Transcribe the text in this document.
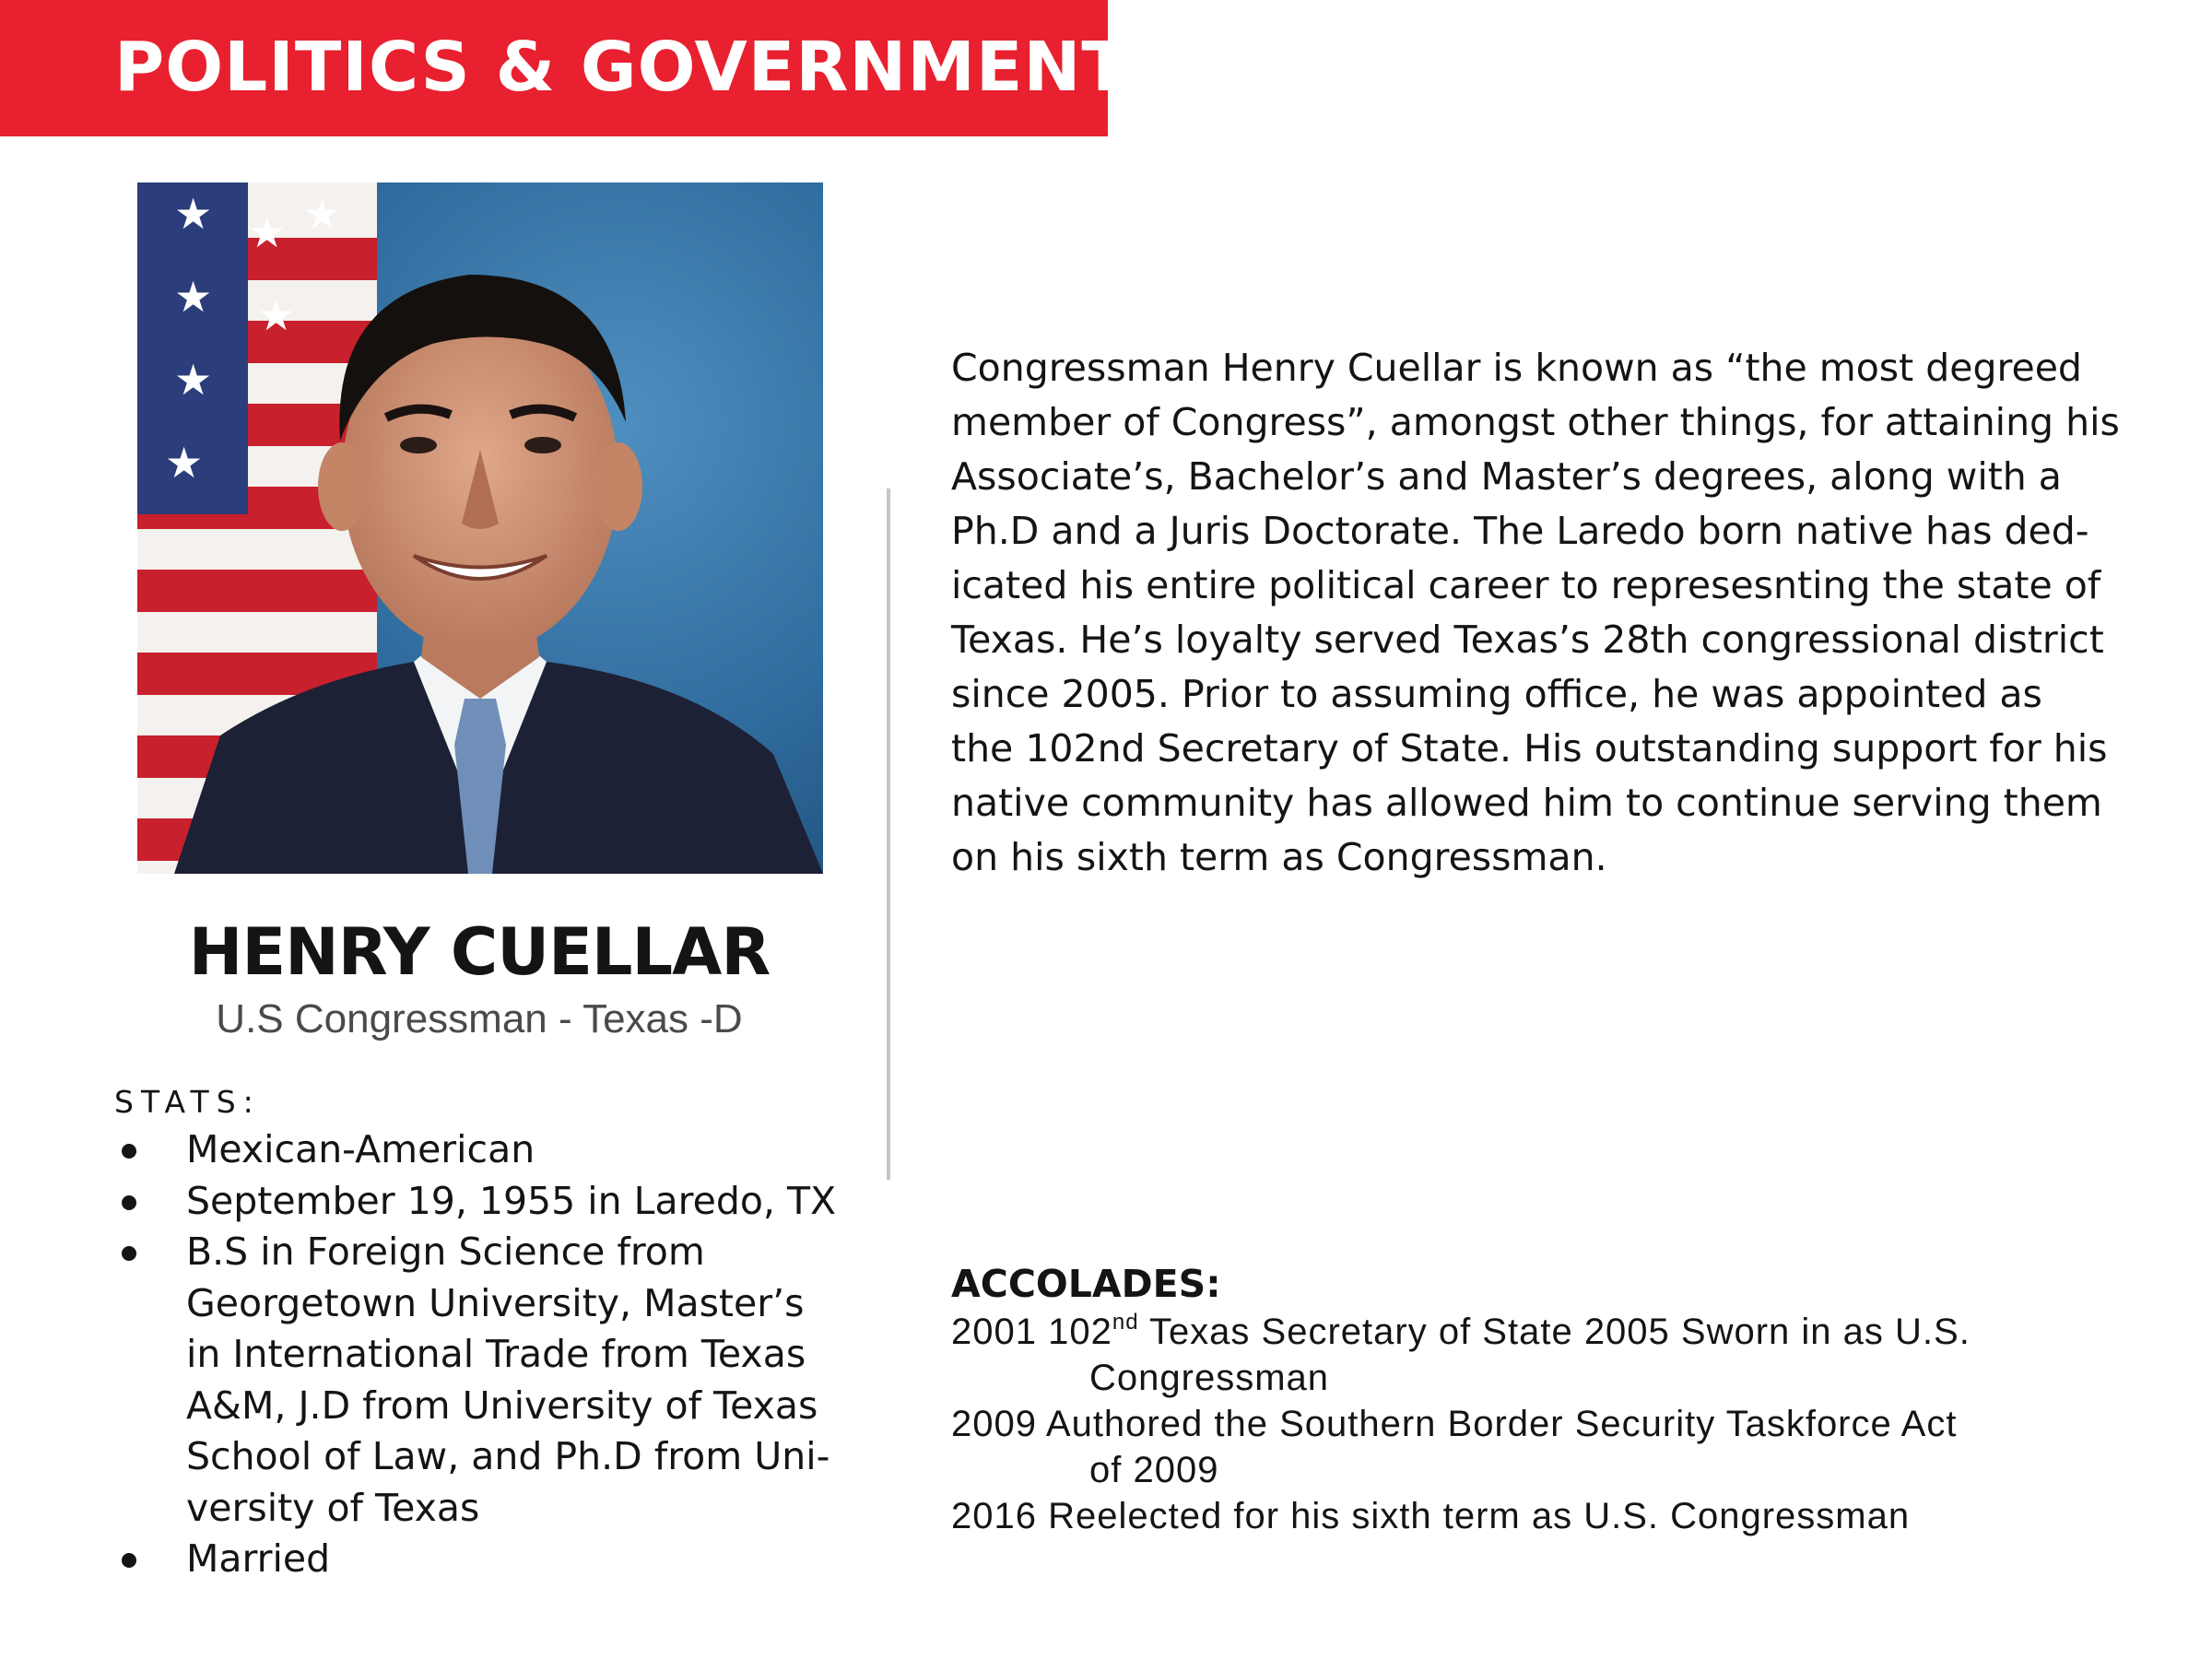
POLITICS & GOVERNMENT
★
★
★
★
★ ★
★
HENRY CUELLAR
U.S Congressman - Texas -D
STATS:
Mexican-American
September 19, 1955 in Laredo, TX
B.S in Foreign Science from
Georgetown University, Master’s
in International Trade from Texas
A&M, J.D from University of Texas
School of Law, and Ph.D from Uni-
versity of Texas
Married

Congressman Henry Cuellar is known as “the most degreed
member of Congress”, amongst other things, for attaining his
Associate’s, Bachelor’s and Master’s degrees, along with a
Ph.D and a Juris Doctorate. The Laredo born native has ded-
icated his entire political career to represesnting the state of
Texas. He’s loyalty served Texas’s 28th congressional district
since 2005. Prior to assuming office, he was appointed as
the 102nd Secretary of State. His outstanding support for his
native community has allowed him to continue serving them
on his sixth term as Congressman.

ACCOLADES:
2001 102nd Texas Secretary of State 2005 Sworn in as U.S.
Congressman
2009 Authored the Southern Border Security Taskforce Act
of 2009
2016 Reelected for his sixth term as U.S. Congressman
